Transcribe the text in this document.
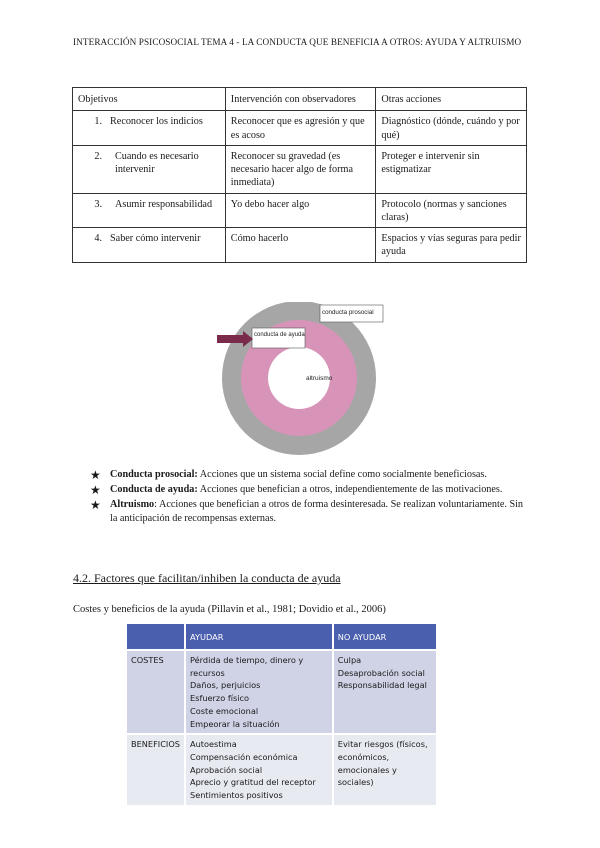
INTERACCIÓN PSICOSOCIAL TEMA 4 - LA CONDUCTA QUE BENEFICIA A OTROS: AYUDA Y ALTRUISMO
Objetivos	Intervención con observadores	Otras acciones
1. Reconocer los indicios	Reconocer que es agresión y que es acoso	Diagnóstico (dónde, cuándo y por qué)

2. Cuando es necesario intervenir	Reconocer su gravedad (es necesario hacer algo de forma inmediata)	Proteger e intervenir sin estigmatizar

3. Asumir responsabilidad	Yo debo hacer algo	Protocolo (normas y sanciones claras)
4. Saber cómo intervenir	Cómo hacerlo	Espacios y vías seguras para pedir ayuda
conducta prosocial
conducta de ayuda
altruismo
★ Conducta prosocial: Acciones que un sistema social define como socialmente beneficiosas.
★ Conducta de ayuda: Acciones que benefician a otros, independientemente de las motivaciones.
★ Altruismo: Acciones que benefician a otros de forma desinteresada. Se realizan voluntariamente. Sin la anticipación de recompensas externas.
4.2. Factores que facilitan/inhiben la conducta de ayuda
Costes y beneficios de la ayuda (Pillavin et al., 1981; Dovidio et al., 2006)
	AYUDAR	NO AYUDAR
COSTES	Pérdida de tiempo, dinero y recursos
Daños, perjuicios
Esfuerzo físico
Coste emocional
Empeorar la situación	Culpa
Desaprobación social
Responsabilidad legal

BENEFICIOS	Autoestima
Compensación económica
Aprobación social
Aprecio y gratitud del receptor
Sentimientos positivos	Evitar riesgos (físicos, económicos, emocionales y sociales)
